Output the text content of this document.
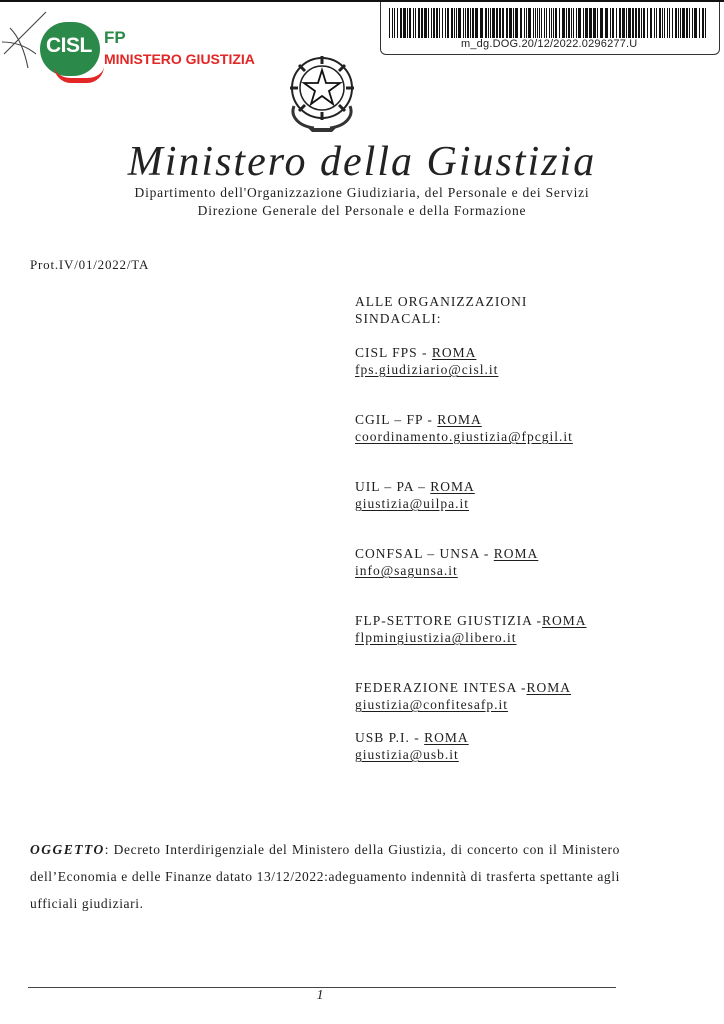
CISL FP
MINISTERO GIUSTIZIA
m_dg.DOG.20/12/2022.0296277.U
Ministero della Giustizia
Dipartimento dell'Organizzazione Giudiziaria, del Personale e dei Servizi
Direzione Generale del Personale e della Formazione
Prot.IV/01/2022/TA
ALLE ORGANIZZAZIONI
SINDACALI:
CISL FPS - ROMA
fps.giudiziario@cisl.it
CGIL – FP - ROMA
coordinamento.giustizia@fpcgil.it
UIL – PA – ROMA
giustizia@uilpa.it
CONFSAL – UNSA - ROMA
info@sagunsa.it
FLP-SETTORE GIUSTIZIA -ROMA
flpmingiustizia@libero.it
FEDERAZIONE INTESA -ROMA
giustizia@confitesafp.it
USB P.I. - ROMA
giustizia@usb.it
OGGETTO: Decreto Interdirigenziale del Ministero della Giustizia, di concerto con il Ministero dell’Economia e delle Finanze datato 13/12/2022:adeguamento indennità di trasferta spettante agli ufficiali giudiziari.
1
